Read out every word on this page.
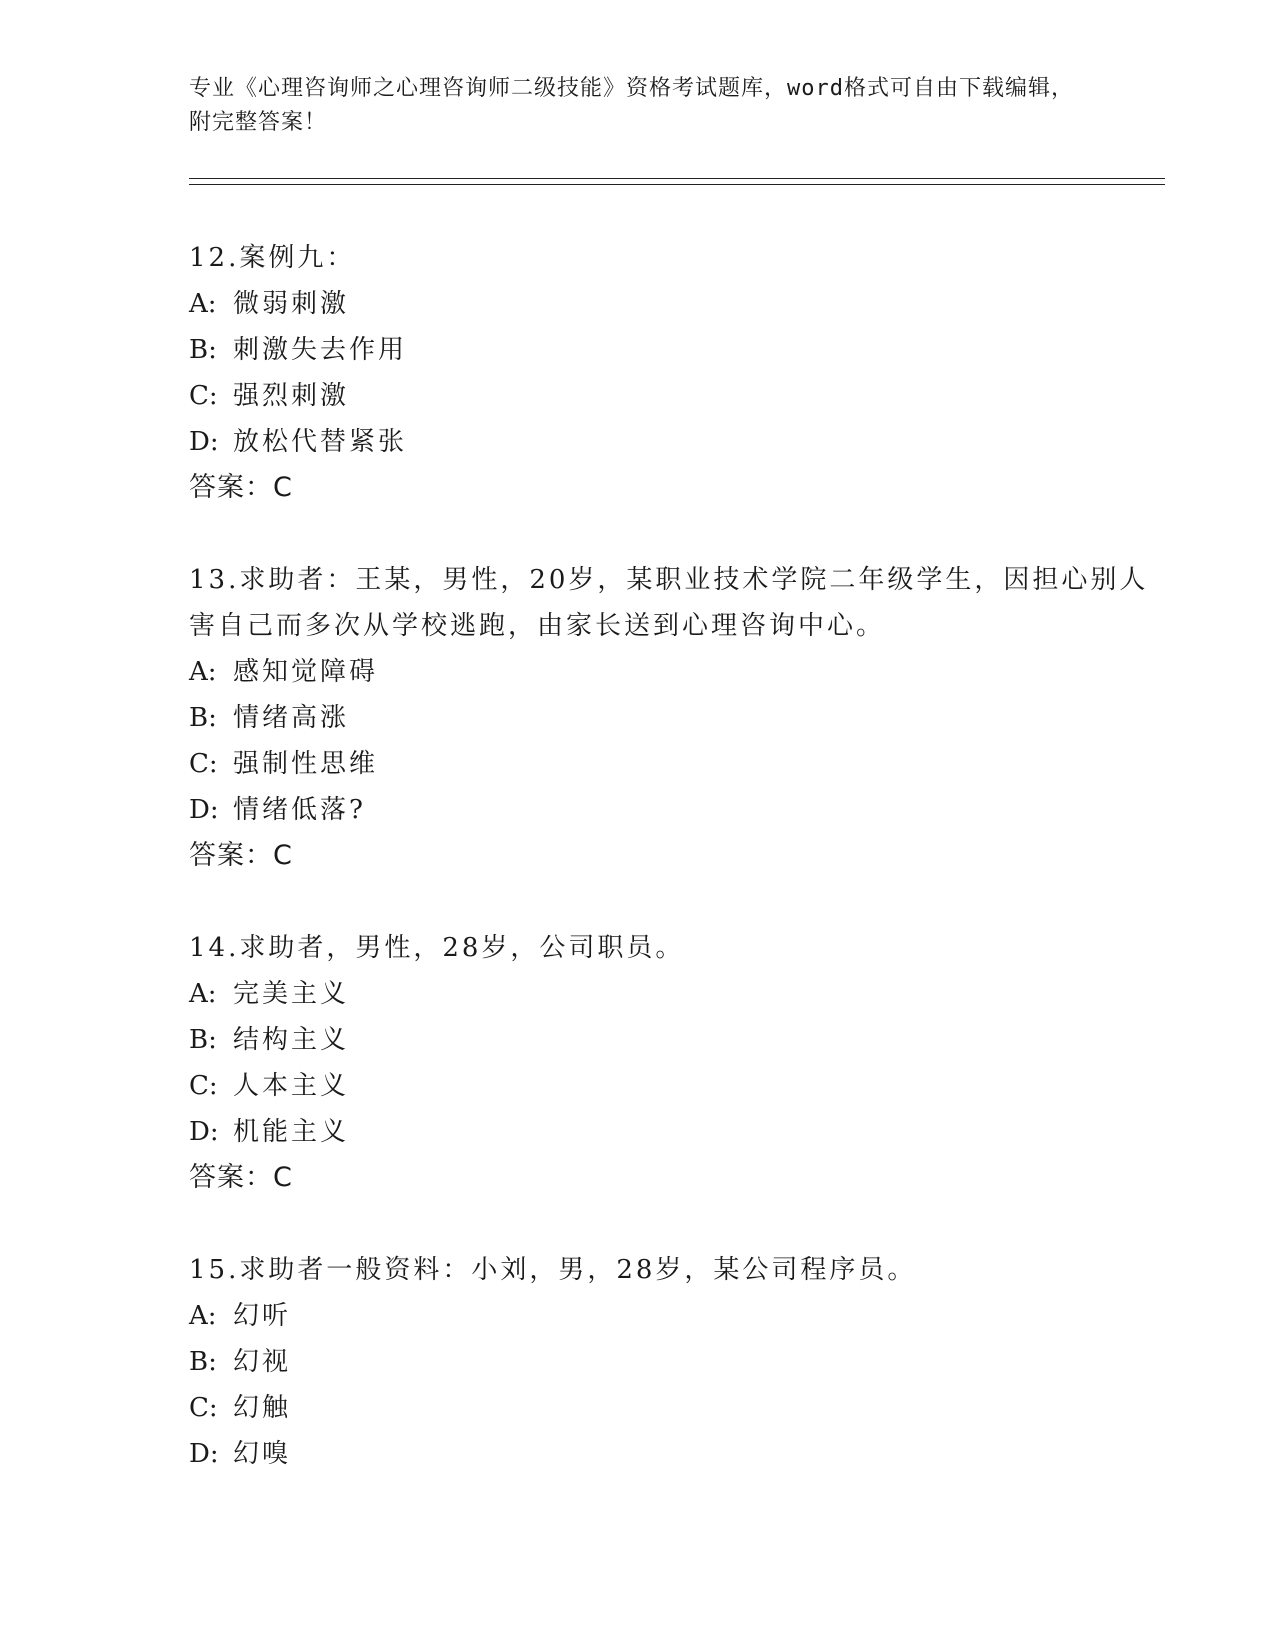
专业《心理咨询师之心理咨询师二级技能》资格考试题库，word格式可自由下载编辑，附完整答案！
12.案例九：
A: 微弱刺激
B: 刺激失去作用
C: 强烈刺激
D: 放松代替紧张
答案：C
13.求助者：王某，男性，20岁，某职业技术学院二年级学生，因担心别人害自己而多次从学校逃跑，由家长送到心理咨询中心。
A: 感知觉障碍
B: 情绪高涨
C: 强制性思维
D: 情绪低落?
答案：C
14.求助者，男性，28岁，公司职员。
A: 完美主义
B: 结构主义
C: 人本主义
D: 机能主义
答案：C
15.求助者一般资料：小刘，男，28岁，某公司程序员。
A: 幻听
B: 幻视
C: 幻触
D: 幻嗅
